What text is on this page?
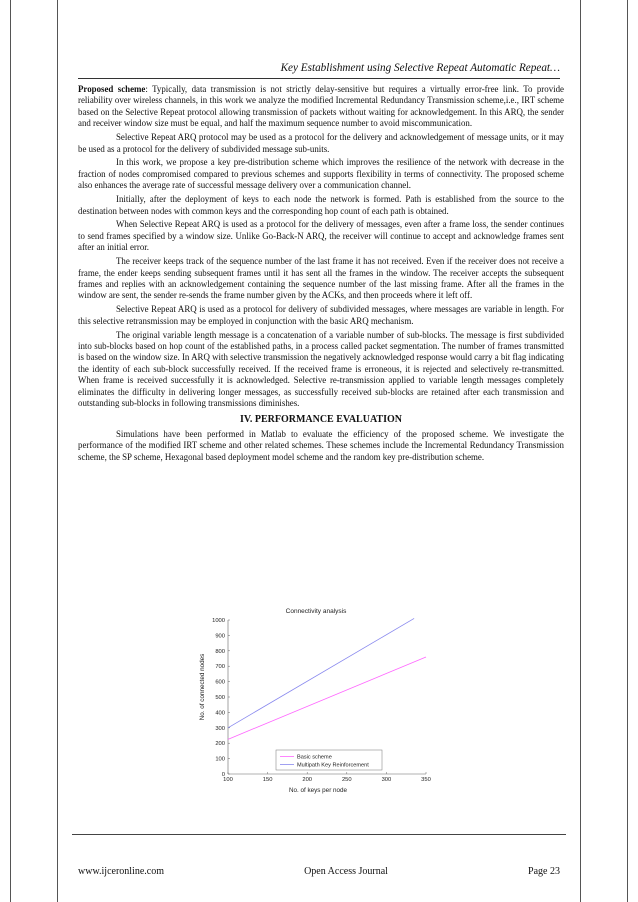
Key Establishment using Selective Repeat Automatic Repeat…

Proposed scheme: Typically, data transmission is not strictly delay-sensitive but requires a virtually error-free link. To provide reliability over wireless channels, in this work we analyze the modified Incremental Redundancy Transmission scheme,i.e., IRT scheme based on the Selective Repeat protocol allowing transmission of packets without waiting for acknowledgement. In this ARQ, the sender and receiver window size must be equal, and half the maximum sequence number to avoid miscommunication.

Selective Repeat ARQ protocol may be used as a protocol for the delivery and acknowledgement of message units, or it may be used as a protocol for the delivery of subdivided message sub-units.

In this work, we propose a key pre-distribution scheme which improves the resilience of the network with decrease in the fraction of nodes compromised compared to previous schemes and supports flexibility in terms of connectivity. The proposed scheme also enhances the average rate of successful message delivery over a communication channel.

Initially, after the deployment of keys to each node the network is formed. Path is established from the source to the destination between nodes with common keys and the corresponding hop count of each path is obtained.

When Selective Repeat ARQ is used as a protocol for the delivery of messages, even after a frame loss, the sender continues to send frames specified by a window size. Unlike Go-Back-N ARQ, the receiver will continue to accept and acknowledge frames sent after an initial error.

The receiver keeps track of the sequence number of the last frame it has not received. Even if the receiver does not receive a frame, the ender keeps sending subsequent frames until it has sent all the frames in the window. The receiver accepts the subsequent frames and replies with an acknowledgement containing the sequence number of the last missing frame. After all the frames in the window are sent, the sender re-sends the frame number given by the ACKs, and then proceeds where it left off.

Selective Repeat ARQ is used as a protocol for delivery of subdivided messages, where messages are variable in length. For this selective retransmission may be employed in conjunction with the basic ARQ mechanism.

The original variable length message is a concatenation of a variable number of sub-blocks. The message is first subdivided into sub-blocks based on hop count of the established paths, in a process called packet segmentation. The number of frames transmitted is based on the window size. In ARQ with selective transmission the negatively acknowledged response would carry a bit flag indicating the identity of each sub-block successfully received. If the received frame is erroneous, it is rejected and selectively re-transmitted. When frame is received successfully it is acknowledged. Selective re-transmission applied to variable length messages completely eliminates the difficulty in delivering longer messages, as successfully received sub-blocks are retained after each transmission and outstanding sub-blocks in following transmissions diminishes.

IV. PERFORMANCE EVALUATION

Simulations have been performed in Matlab to evaluate the efficiency of the proposed scheme. We investigate the performance of the modified IRT scheme and other related schemes. These schemes include the Incremental Redundancy Transmission scheme, the SP scheme, Hexagonal based deployment model scheme and the random key pre-distribution scheme.

Connectivity analysis
0
100
200
300
400
500
600
700
800
900
1000
100	150	200	250	300	350
No. of keys per node
No. of connected nodes
Basic scheme
Multipath Key Reinforcement
www.ijceronline.com	Open Access Journal	Page 23
